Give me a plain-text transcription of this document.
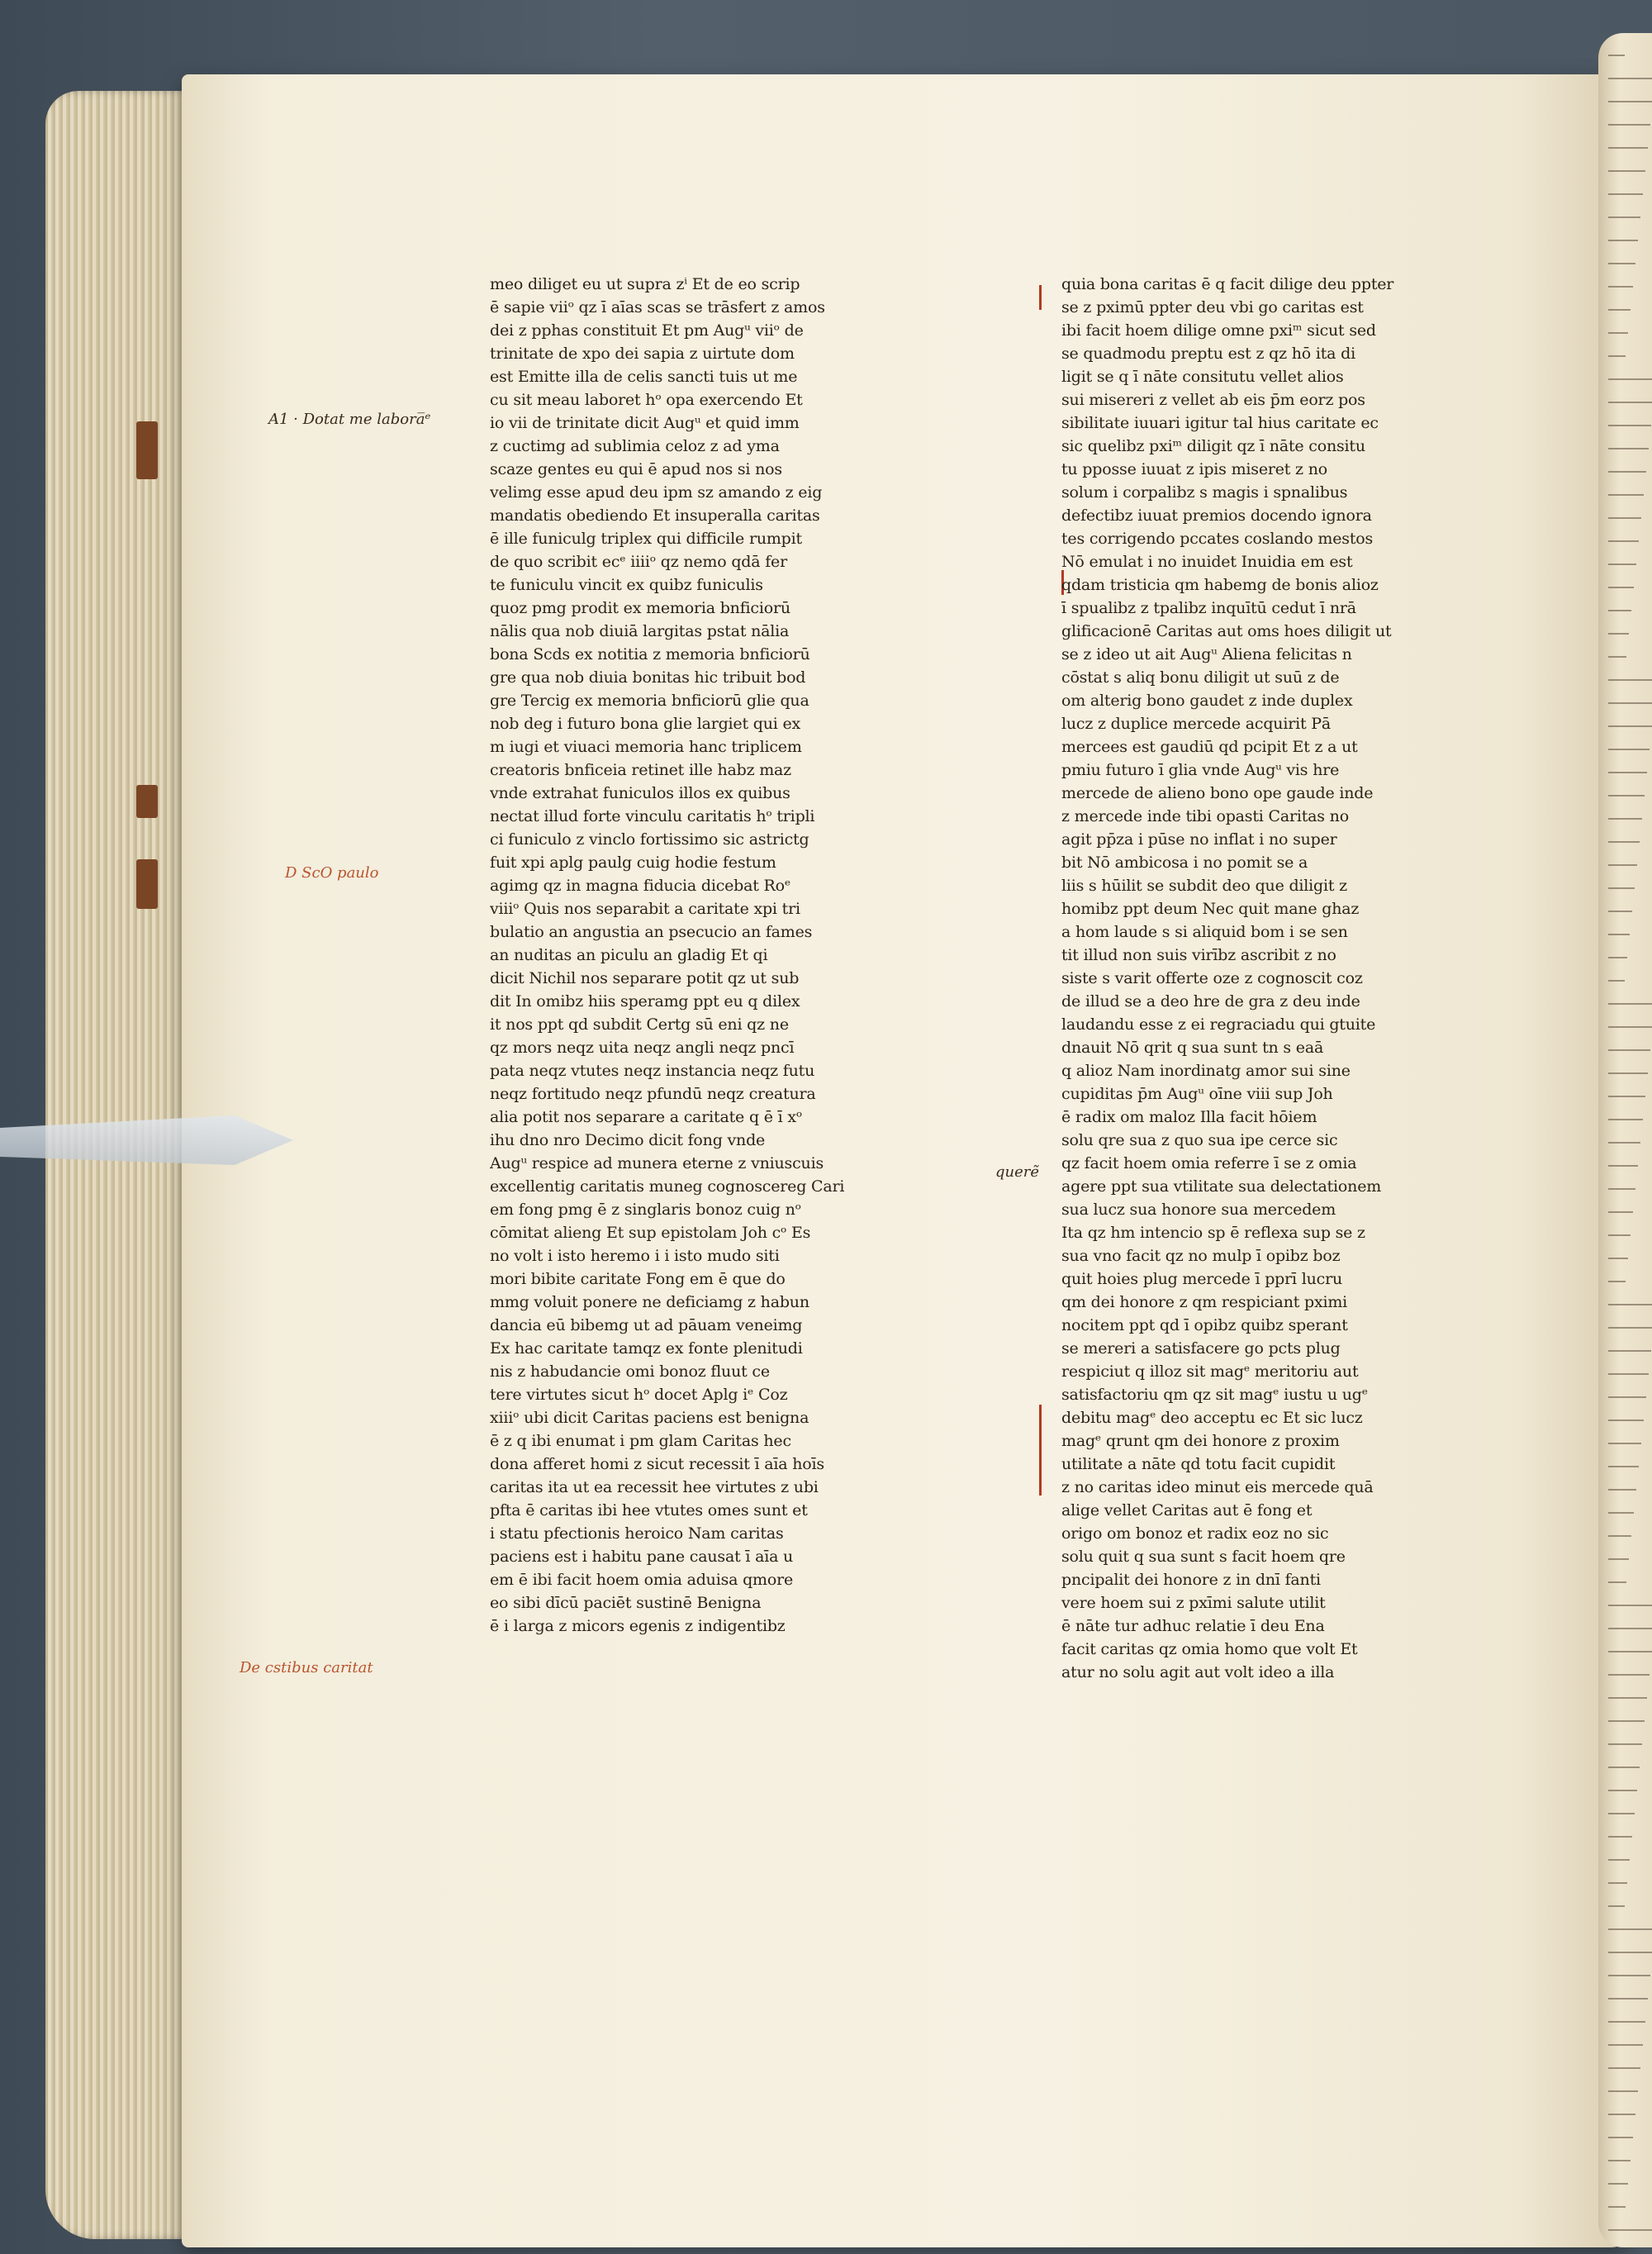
A1 · Dotat me labora̅ᵉ
D ScO paulo
De cstibus caritat
querẽ
meo diliget eu ut supra zⁱ Et de eo scrip
ē sapie viiᵒ qz ī aīas scas se trāsfert z amos
dei z pphas constituit Et pm Augᵘ viiᵒ de
trinitate de xpo dei sapia z uirtute dom
est Emitte illa de celis sancti tuis ut me
cu sit meau laboret hᵒ opa exercendo Et
io vii de trinitate dicit Augᵘ et quid imm
z cuctimg ad sublimia celoz z ad yma
scaze gentes eu qui ē apud nos si nos
velimg esse apud deu ipm sz amando z eig
mandatis obediendo Et insuperalla caritas
ē ille funiculg triplex qui difficile rumpit
de quo scribit ecᵉ iiiiᵒ qz nemo qdā fer
te funiculu vincit ex quibz funiculis
quoz pmg prodit ex memoria bnficiorū
nālis qua nob diuiā largitas pstat nālia
bona Scds ex notitia z memoria bnficiorū
gre qua nob diuia bonitas hic tribuit bod
gre Tercig ex memoria bnficiorū glie qua
nob deg i futuro bona glie largiet qui ex
m iugi et viuaci memoria hanc triplicem
creatoris bnficeia retinet ille habz maz
vnde extrahat funiculos illos ex quibus
nectat illud forte vinculu caritatis hᵒ tripli
ci funiculo z vinclo fortissimo sic astrictg
fuit xpi aplg paulg cuig hodie festum
agimg qz in magna fiducia dicebat Roᵉ
viiiᵒ Quis nos separabit a caritate xpi tri
bulatio an angustia an psecucio an fames
an nuditas an piculu an gladig Et qi
dicit Nichil nos separare potit qz ut sub
dit In omibz hiis speramg ppt eu q dilex
it nos ppt qd subdit Certg sū eni qz ne
qz mors neqz uita neqz angli neqz pncī
pata neqz vtutes neqz instancia neqz futu
neqz fortitudo neqz pfundū neqz creatura
alia potit nos separare a caritate q ē ī xᵒ
ihu dno nro Decimo dicit fong vnde
Augᵘ respice ad munera eterne z vniuscuis
excellentig caritatis muneg cognoscereg Cari
em fong pmg ē z singlaris bonoz cuig nᵒ
cōmitat alieng Et sup epistolam Joh cᵒ Es
no volt i isto heremo i i isto mudo siti
mori bibite caritate Fong em ē que do
mmg voluit ponere ne deficiamg z habun
dancia eū bibemg ut ad pāuam veneimg
Ex hac caritate tamqz ex fonte plenitudi
nis z habudancie omi bonoz fluut ce
tere virtutes sicut hᵒ docet Aplg iᵉ Coz
xiiiᵒ ubi dicit Caritas paciens est benigna
ē z q ibi enumat i pm glam Caritas hec
dona afferet homi z sicut recessit ī aīa hoīs
caritas ita ut ea recessit hee virtutes z ubi
pfta ē caritas ibi hee vtutes omes sunt et
i statu pfectionis heroico Nam caritas
paciens est i habitu pane causat ī aīa u
em ē ibi facit hoem omia aduisa qmore
eo sibi dīcū paciēt sustinē Benigna
ē i larga z micors egenis z indigentibz
quia bona caritas ē q facit dilige deu ppter
se z pximū ppter deu vbi go caritas est
ibi facit hoem dilige omne pxiᵐ sicut sed
se quadmodu preptu est z qz hō ita di
ligit se q ī nāte consitutu vellet alios
sui misereri z vellet ab eis p̄m eorz pos
sibilitate iuuari igitur tal hius caritate ec
sic quelibz pxiᵐ diligit qz ī nāte consitu
tu pposse iuuat z ipis miseret z no
solum i corpalibz s magis i spnalibus
defectibz iuuat premios docendo ignora
tes corrigendo pccates coslando mestos
Nō emulat i no inuidet Inuidia em est
qdam tristicia qm habemg de bonis alioz
ī spualibz z tpalibz inquītū cedut ī nrā
glificacionē Caritas aut oms hoes diligit ut
se z ideo ut ait Augᵘ Aliena felicitas n
cōstat s aliq bonu diligit ut suū z de
om alterig bono gaudet z inde duplex
lucz z duplice mercede acquirit Pā
mercees est gaudiū qd pcipit Et z a ut
pmiu futuro ī glia vnde Augᵘ vis hre
mercede de alieno bono ope gaude inde
z mercede inde tibi opasti Caritas no
agit pp̄za i pūse no inflat i no super
bit Nō ambicosa i no pomit se a
liis s hūilit se subdit deo que diligit z
homibz ppt deum Nec quit mane ghaz
a hom laude s si aliquid bom i se sen
tit illud non suis virībz ascribit z no
siste s varit offerte oze z cognoscit coz
de illud se a deo hre de gra z deu inde
laudandu esse z ei regraciadu qui gtuite
dnauit Nō qrit q sua sunt tn s eaā
q alioz Nam inordinatg amor sui sine
cupiditas p̄m Augᵘ oīne viii sup Joh
ē radix om maloz Illa facit hōiem
solu qre sua z quo sua ipe cerce sic
qz facit hoem omia referre ī se z omia
agere ppt sua vtilitate sua delectationem
sua lucz sua honore sua mercedem
Ita qz hm intencio sp ē reflexa sup se z
sua vno facit qz no mulp ī opibz boz
quit hoies plug mercede ī pprī lucru
qm dei honore z qm respiciant pximi
nocitem ppt qd ī opibz quibz sperant
se mereri a satisfacere go pcts plug
respiciut q illoz sit magᵉ meritoriu aut
satisfactoriu qm qz sit magᵉ iustu u ugᵉ
debitu magᵉ deo acceptu ec Et sic lucz
magᵉ qrunt qm dei honore z proxim
utilitate a nāte qd totu facit cupidit
z no caritas ideo minut eis mercede quā
alige vellet Caritas aut ē fong et
origo om bonoz et radix eoz no sic
solu quit q sua sunt s facit hoem qre
pncipalit dei honore z in dnī fanti
vere hoem sui z pxīmi salute utilit
ē nāte tur adhuc relatie ī deu Ena
facit caritas qz omia homo que volt Et
atur no solu agit aut volt ideo a illa
